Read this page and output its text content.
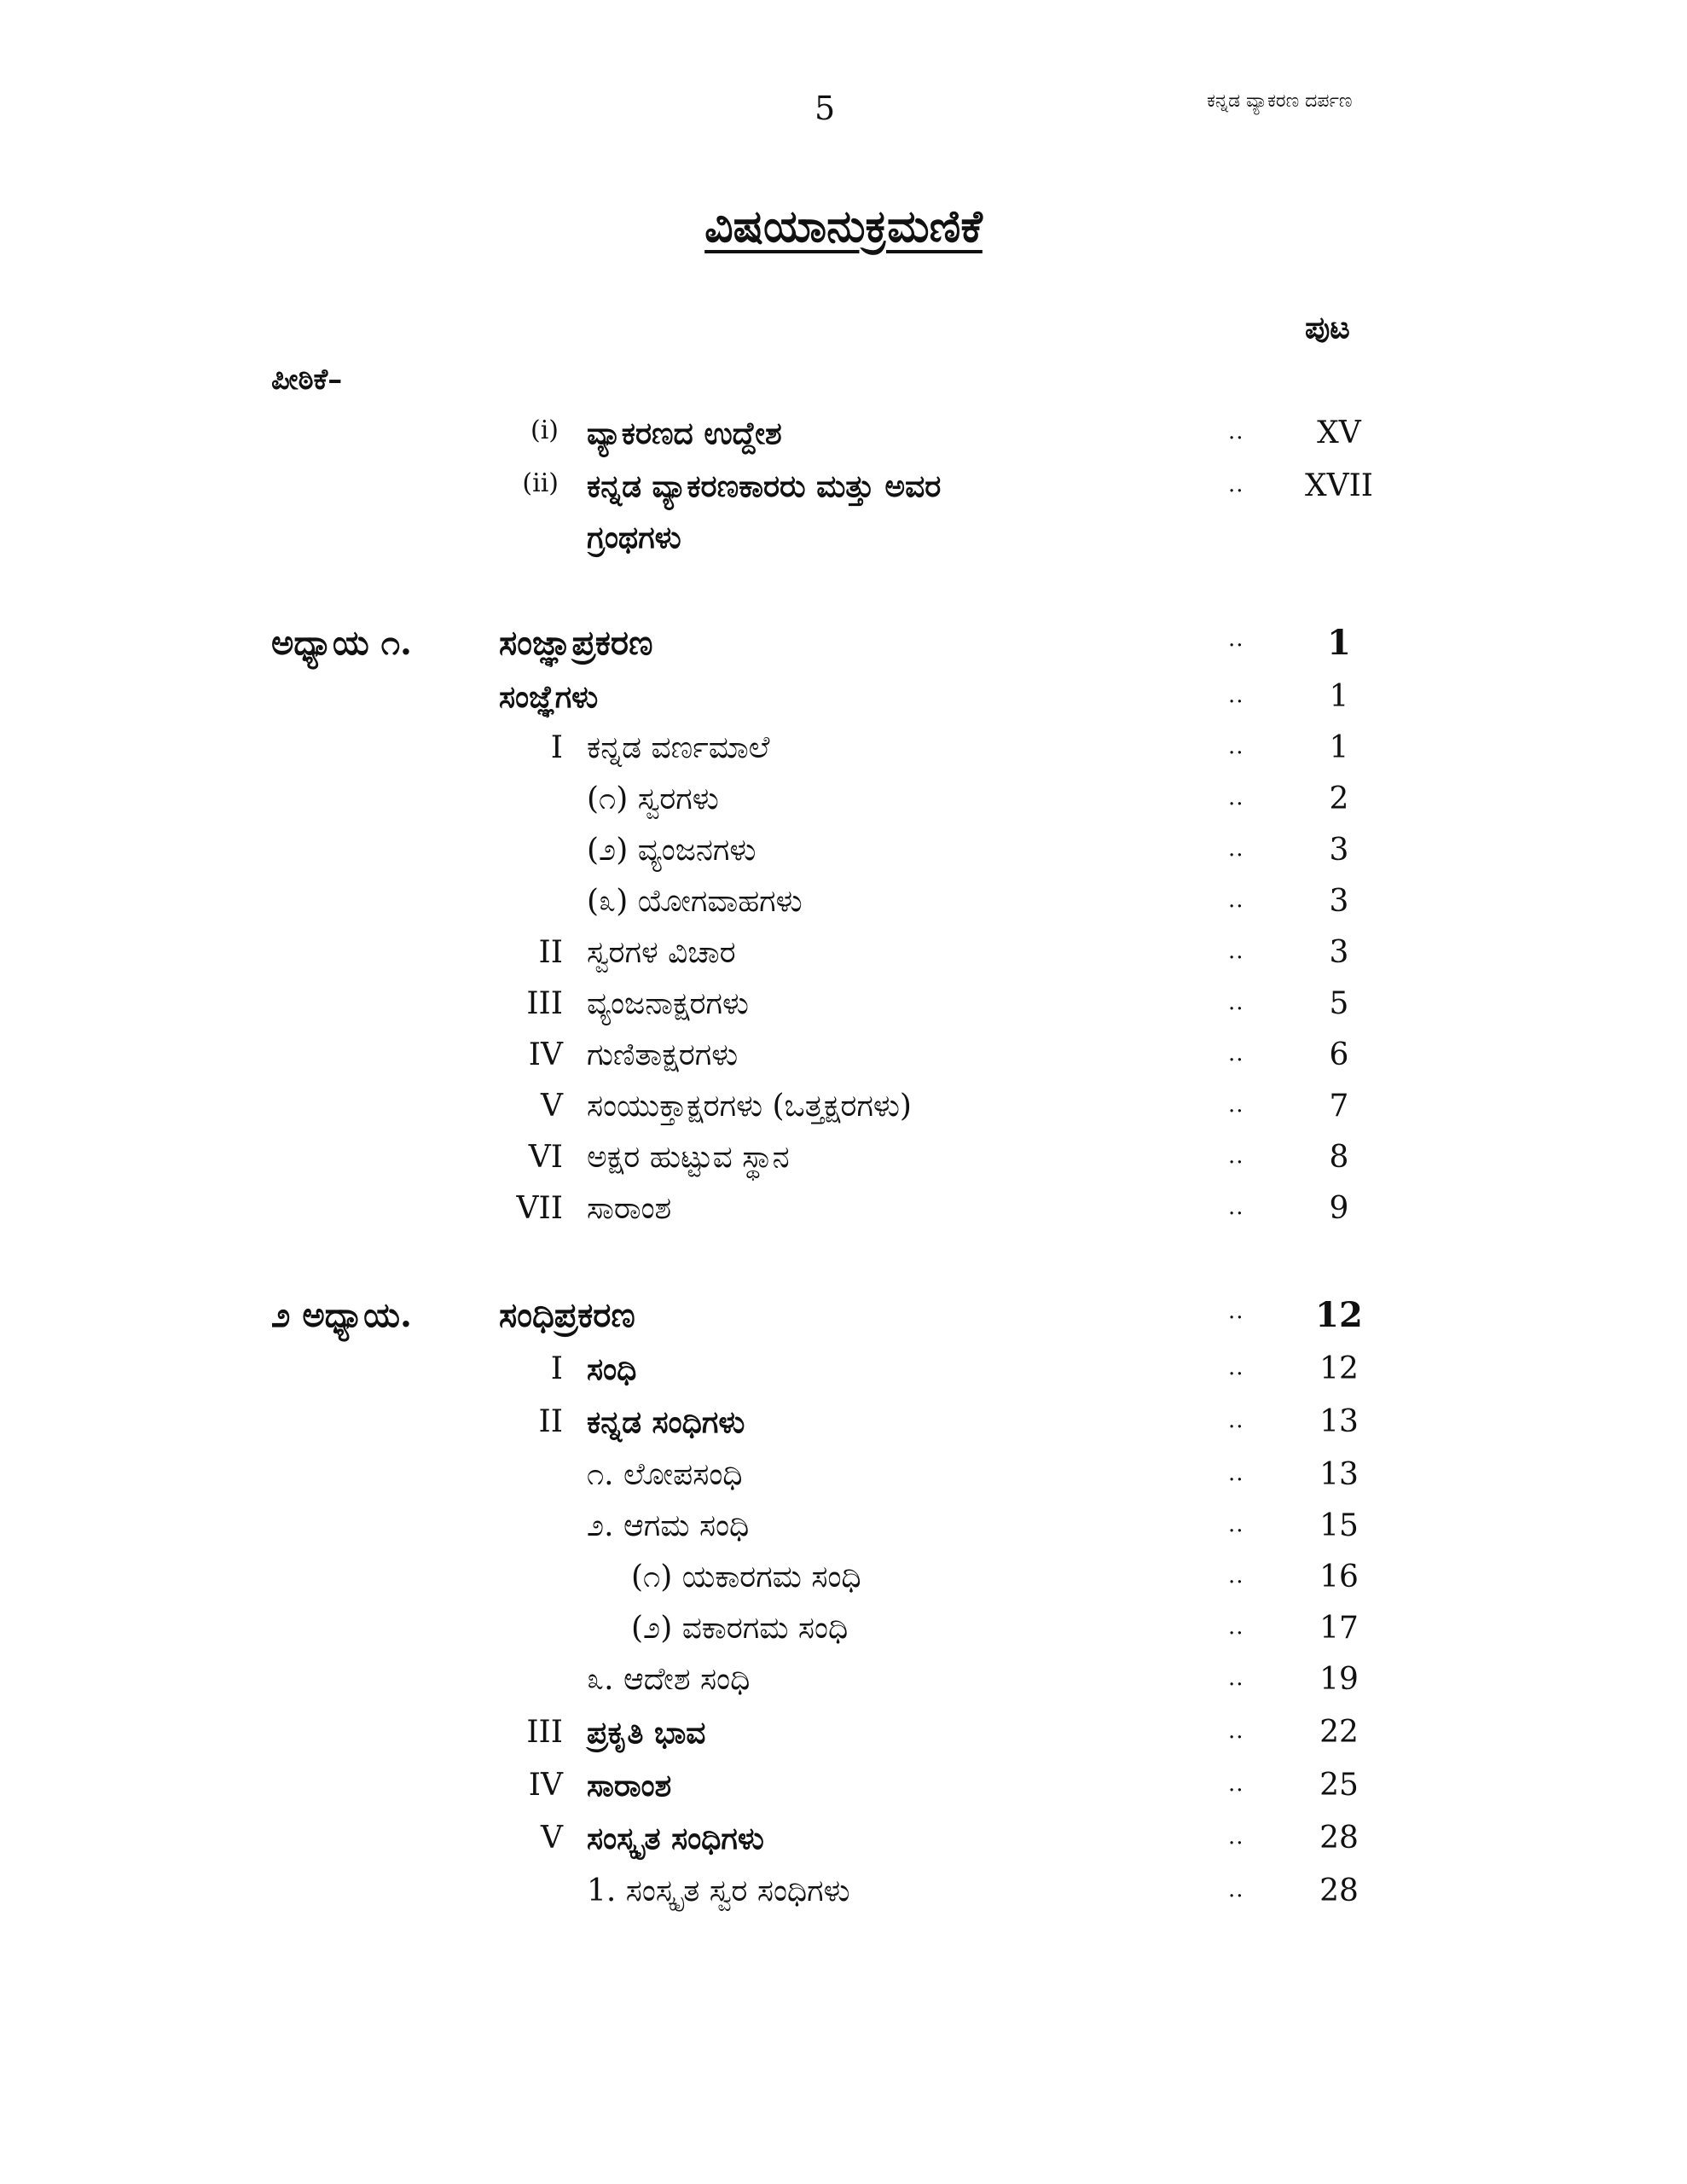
5	ಕನ್ನಡ ವ್ಯಾಕರಣ ದರ್ಪಣ
ವಿಷಯಾನುಕ್ರಮಣಿಕೆ
ಪುಟ
ಪೀಠಿಕೆ–
(i) ವ್ಯಾಕರಣದ ಉದ್ದೇಶ	..	XV
(ii) ಕನ್ನಡ ವ್ಯಾಕರಣಕಾರರು ಮತ್ತು ಅವರ	..	XVII
ಗ್ರಂಥಗಳು
ಅಧ್ಯಾಯ ೧.	ಸಂಜ್ಞಾಪ್ರಕರಣ	..	1
ಸಂಜ್ಞೆಗಳು	..	1
I ಕನ್ನಡ ವರ್ಣಮಾಲೆ	..	1
(೧) ಸ್ವರಗಳು	..	2
(೨) ವ್ಯಂಜನಗಳು	..	3
(೩) ಯೋಗವಾಹಗಳು	..	3
II ಸ್ವರಗಳ ವಿಚಾರ	..	3
III ವ್ಯಂಜನಾಕ್ಷರಗಳು	..	5
IV ಗುಣಿತಾಕ್ಷರಗಳು	..	6
V ಸಂಯುಕ್ತಾಕ್ಷರಗಳು (ಒತ್ತಕ್ಷರಗಳು)	..	7
VI ಅಕ್ಷರ ಹುಟ್ಟುವ ಸ್ಥಾನ	..	8
VII ಸಾರಾಂಶ	..	9
೨ ಅಧ್ಯಾಯ.	ಸಂಧಿಪ್ರಕರಣ	..	12
I ಸಂಧಿ	..	12
II ಕನ್ನಡ ಸಂಧಿಗಳು	..	13
೧. ಲೋಪಸಂಧಿ	..	13
೨. ಆಗಮ ಸಂಧಿ	..	15
(೧) ಯಕಾರಗಮ ಸಂಧಿ	..	16
(೨) ವಕಾರಗಮ ಸಂಧಿ	..	17
೩. ಆದೇಶ ಸಂಧಿ	..	19
III ಪ್ರಕೃತಿ ಭಾವ	..	22
IV ಸಾರಾಂಶ	..	25
V ಸಂಸ್ಕೃತ ಸಂಧಿಗಳು	..	28
1. ಸಂಸ್ಕೃತ ಸ್ವರ ಸಂಧಿಗಳು	..	28
